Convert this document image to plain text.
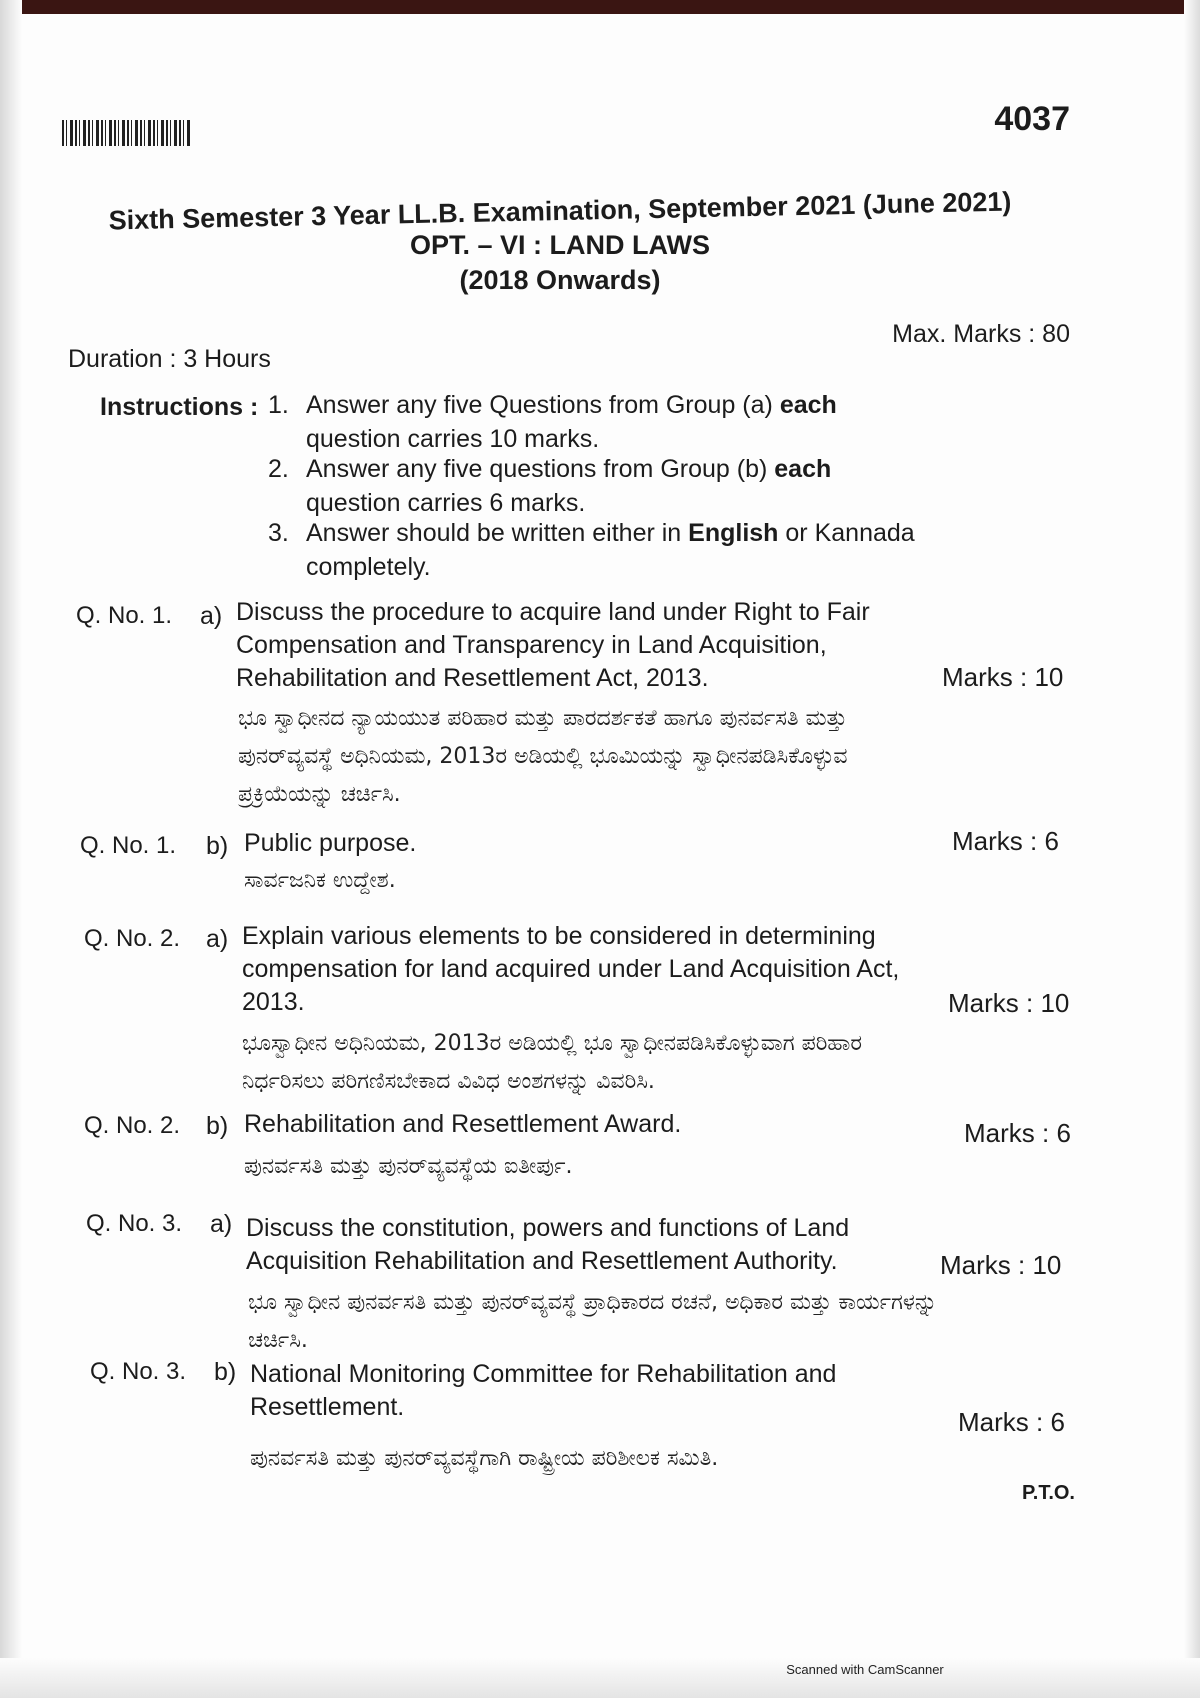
4037
Sixth Semester 3 Year LL.B. Examination, September 2021 (June 2021)
OPT. – VI : LAND LAWS
(2018 Onwards)
Max. Marks : 80
Duration : 3 Hours
Instructions : 1. Answer any five Questions from Group (a) each question carries 10 marks.
2. Answer any five questions from Group (b) each question carries 6 marks.
3. Answer should be written either in English or Kannada completely.
Q. No. 1. a) Discuss the procedure to acquire land under Right to Fair Compensation and Transparency in Land Acquisition, Rehabilitation and Resettlement Act, 2013.	Marks : 10
ಭೂ ಸ್ವಾಧೀನದ ನ್ಯಾಯಯುತ ಪರಿಹಾರ ಮತ್ತು ಪಾರದರ್ಶಕತೆ ಹಾಗೂ ಪುನರ್ವಸತಿ ಮತ್ತು ಪುನರ್‌ವ್ಯವಸ್ಥೆ ಅಧಿನಿಯಮ, 2013ರ ಅಡಿಯಲ್ಲಿ ಭೂಮಿಯನ್ನು ಸ್ವಾಧೀನಪಡಿಸಿಕೊಳ್ಳುವ ಪ್ರಕ್ರಿಯೆಯನ್ನು ಚರ್ಚಿಸಿ.
Q. No. 1. b) Public purpose.	Marks : 6
ಸಾರ್ವಜನಿಕ ಉದ್ದೇಶ.
Q. No. 2. a) Explain various elements to be considered in determining compensation for land acquired under Land Acquisition Act, 2013.	Marks : 10
ಭೂಸ್ವಾಧೀನ ಅಧಿನಿಯಮ, 2013ರ ಅಡಿಯಲ್ಲಿ ಭೂ ಸ್ವಾಧೀನಪಡಿಸಿಕೊಳ್ಳುವಾಗ ಪರಿಹಾರ ನಿರ್ಧರಿಸಲು ಪರಿಗಣಿಸಬೇಕಾದ ವಿವಿಧ ಅಂಶಗಳನ್ನು ವಿವರಿಸಿ.
Q. No. 2. b) Rehabilitation and Resettlement Award.	Marks : 6
ಪುನರ್ವಸತಿ ಮತ್ತು ಪುನರ್‌ವ್ಯವಸ್ಥೆಯ ಐತೀರ್ಪು.
Q. No. 3. a) Discuss the constitution, powers and functions of Land Acquisition Rehabilitation and Resettlement Authority.	Marks : 10
ಭೂ ಸ್ವಾಧೀನ ಪುನರ್ವಸತಿ ಮತ್ತು ಪುನರ್‌ವ್ಯವಸ್ಥೆ ಪ್ರಾಧಿಕಾರದ ರಚನೆ, ಅಧಿಕಾರ ಮತ್ತು ಕಾರ್ಯಗಳನ್ನು ಚರ್ಚಿಸಿ.
Q. No. 3. b) National Monitoring Committee for Rehabilitation and Resettlement.	Marks : 6
ಪುನರ್ವಸತಿ ಮತ್ತು ಪುನರ್‌ವ್ಯವಸ್ಥೆಗಾಗಿ ರಾಷ್ಟ್ರೀಯ ಪರಿಶೀಲಕ ಸಮಿತಿ.
P.T.O.
Scanned with CamScanner
